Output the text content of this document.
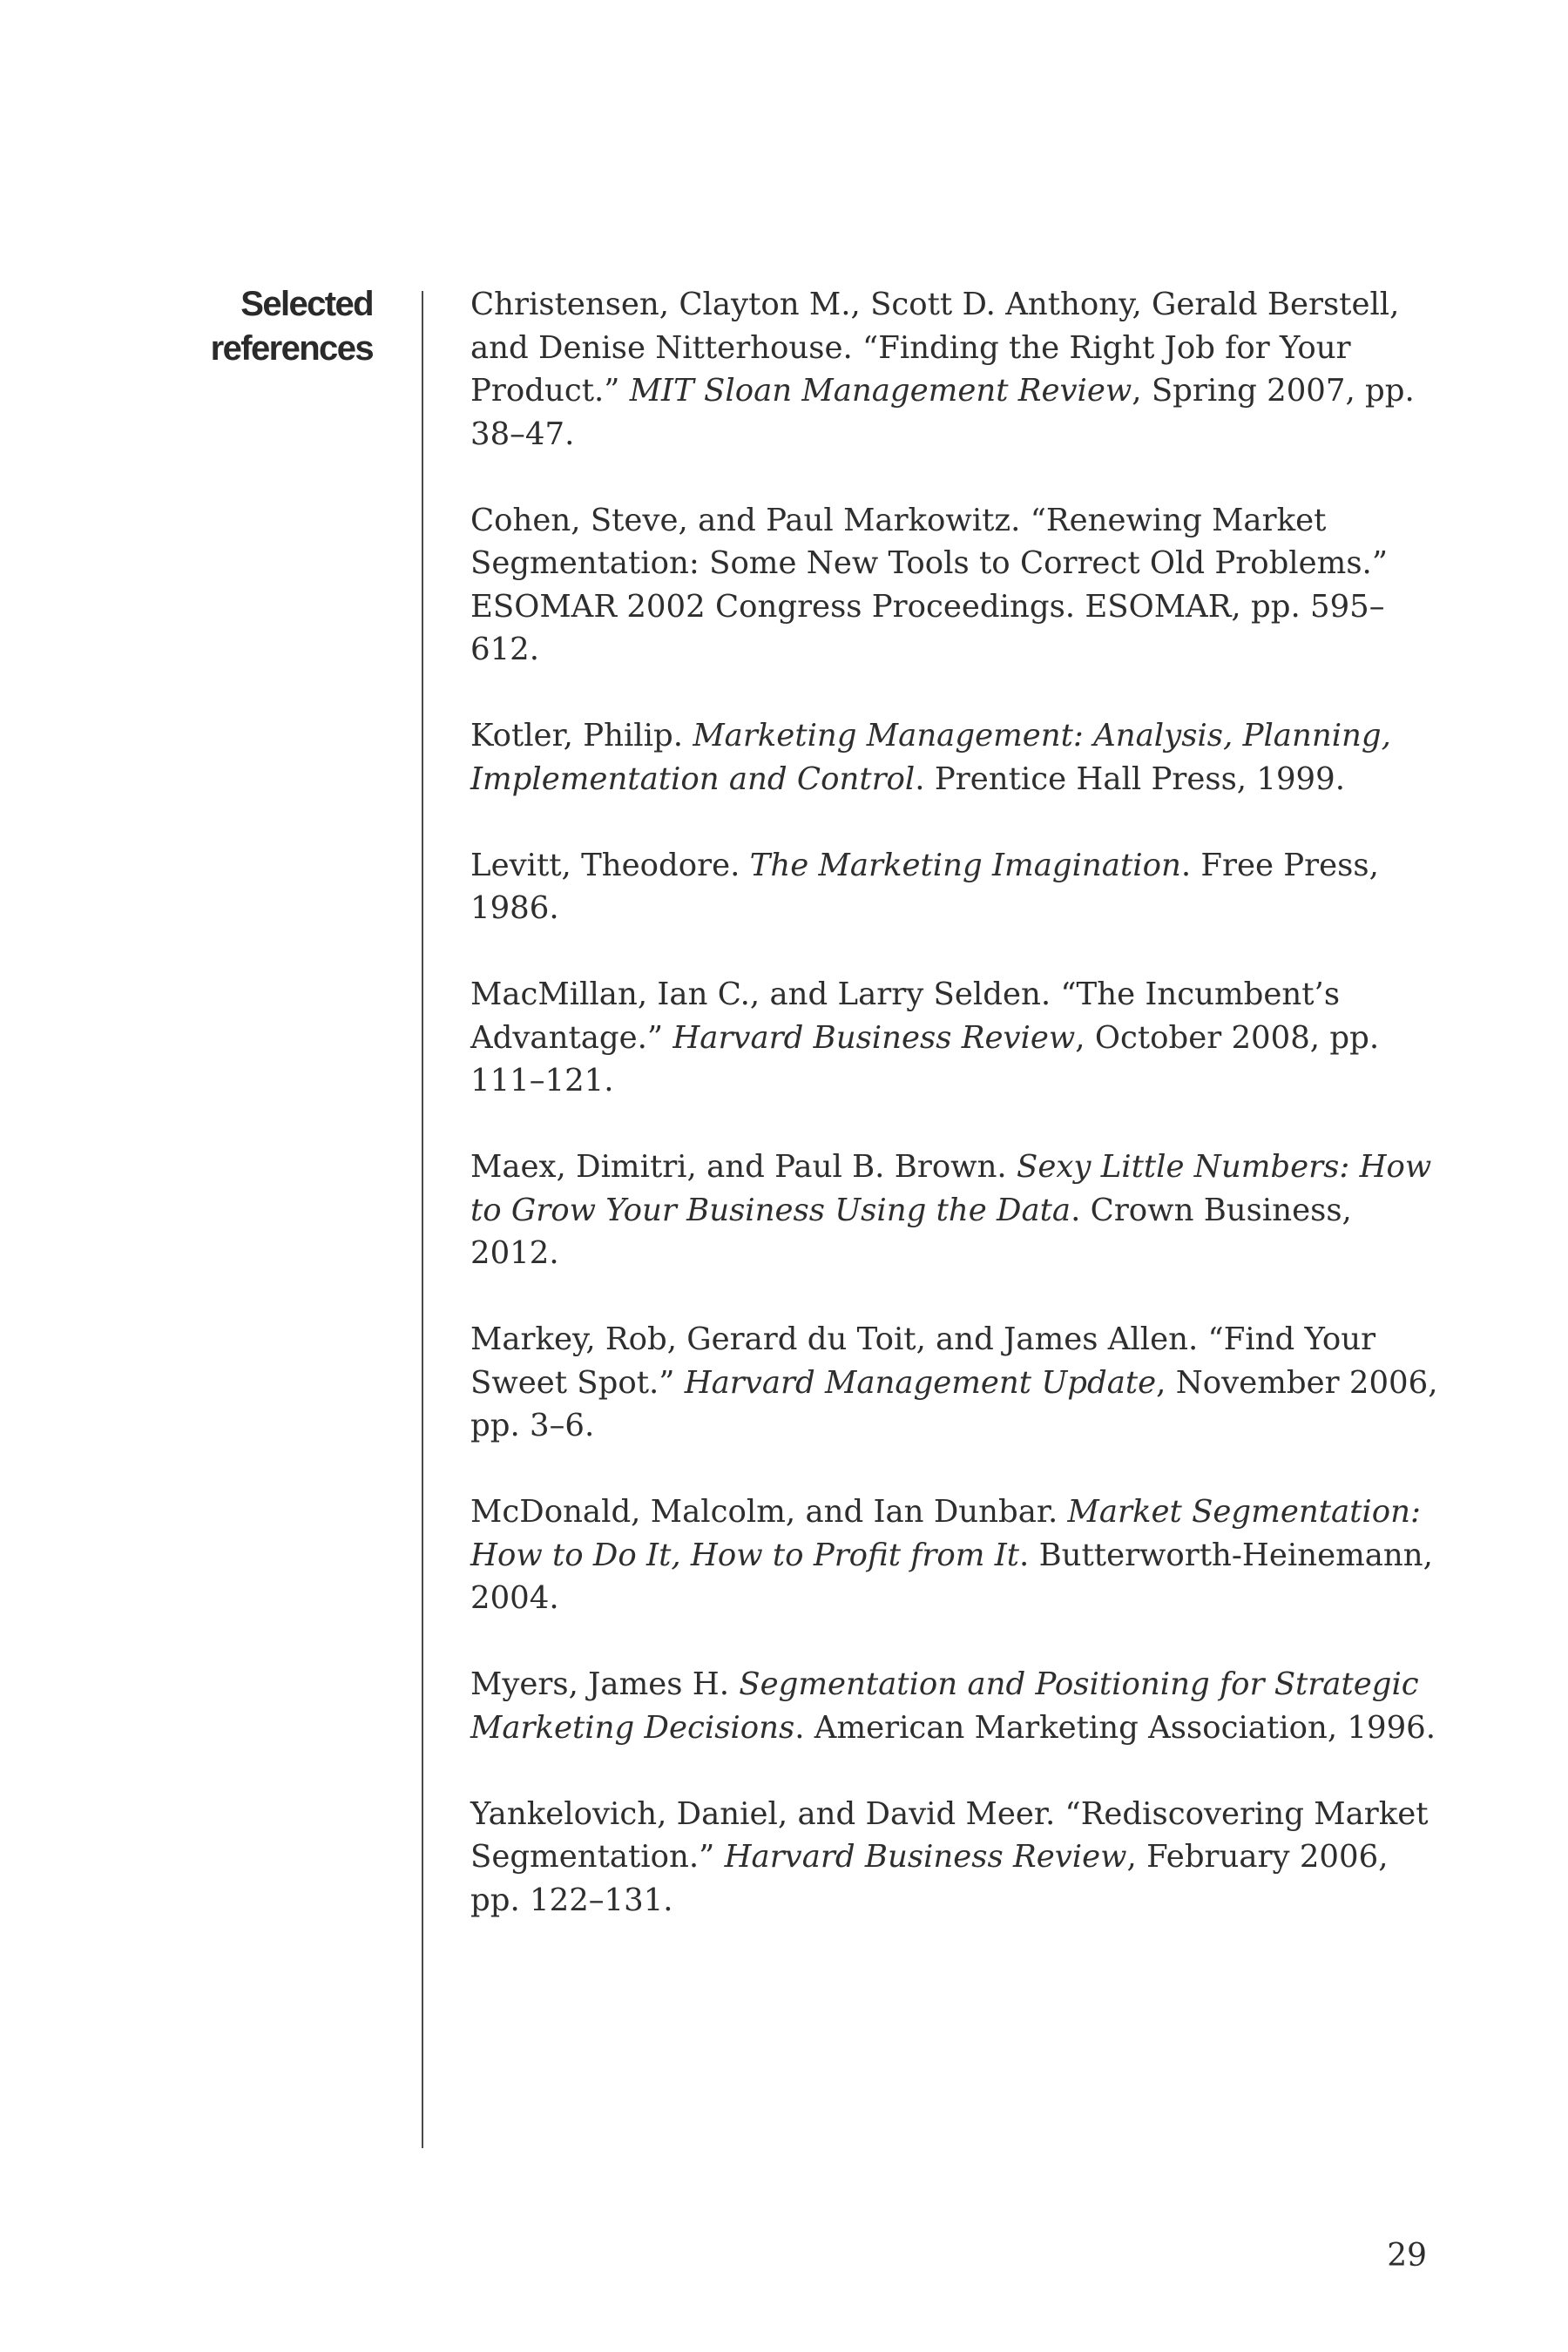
Selected
references
Christensen, Clayton M., Scott D. Anthony, Gerald Berstell, and Denise Nitterhouse. “Finding the Right Job for Your Product.” MIT Sloan Management Review, Spring 2007, pp. 38–47.
Cohen, Steve, and Paul Markowitz. “Renewing Market Segmentation: Some New Tools to Correct Old Problems.” ESOMAR 2002 Congress Proceedings. ESOMAR, pp. 595–612.
Kotler, Philip. Marketing Management: Analysis, Planning, Implementation and Control. Prentice Hall Press, 1999.
Levitt, Theodore. The Marketing Imagination. Free Press, 1986.
MacMillan, Ian C., and Larry Selden. “The Incumbent’s Advantage.” Harvard Business Review, October 2008, pp. 111–121.
Maex, Dimitri, and Paul B. Brown. Sexy Little Numbers: How to Grow Your Business Using the Data. Crown Business, 2012.
Markey, Rob, Gerard du Toit, and James Allen. “Find Your Sweet Spot.” Harvard Management Update, November 2006, pp. 3–6.
McDonald, Malcolm, and Ian Dunbar. Market Segmentation: How to Do It, How to Profit from It. Butterworth-Heinemann, 2004.
Myers, James H. Segmentation and Positioning for Strategic Marketing Decisions. American Marketing Association, 1996.
Yankelovich, Daniel, and David Meer. “Rediscovering Market Segmentation.” Harvard Business Review, February 2006, pp. 122–131.
29
